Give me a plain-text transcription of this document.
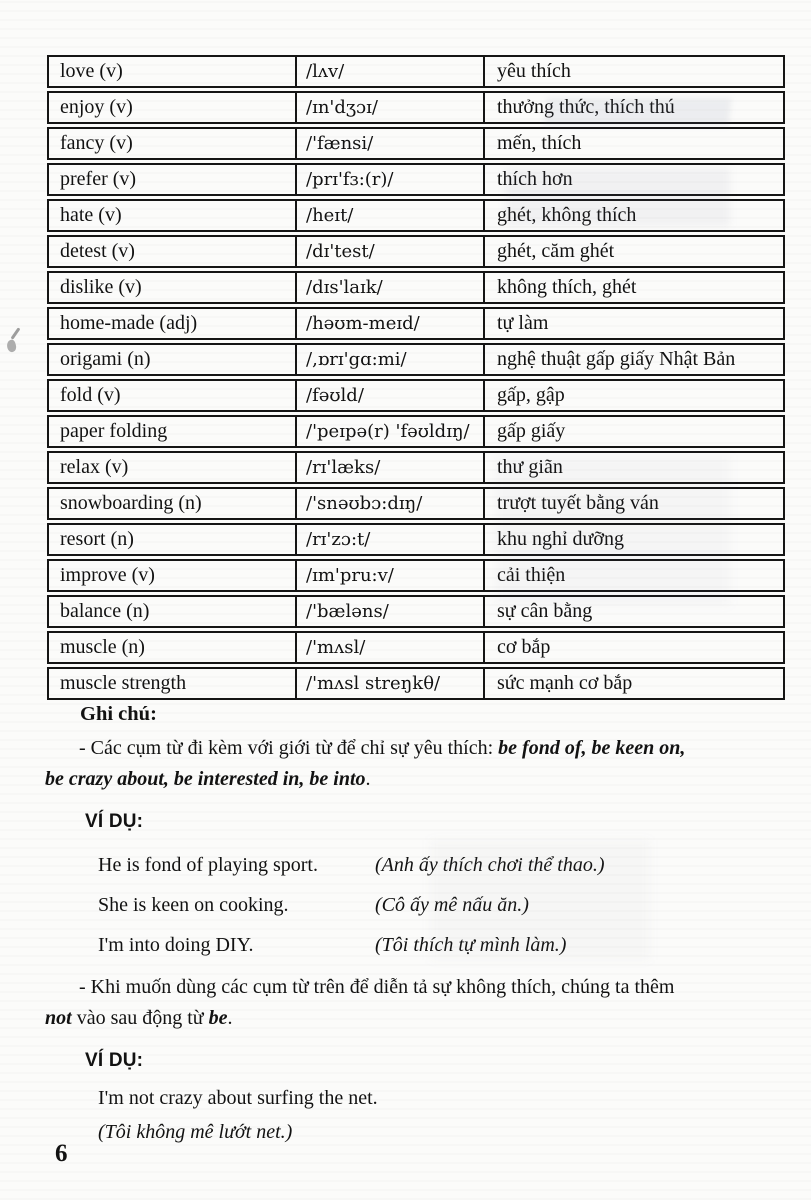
love (v)	/lʌv/	yêu thích
enjoy (v)	/ɪn'dʒɔɪ/	thưởng thức, thích thú
fancy (v)	/'fænsi/	mến, thích
prefer (v)	/prɪ'fɜ:(r)/	thích hơn
hate (v)	/heɪt/	ghét, không thích
detest (v)	/dɪ'test/	ghét, căm ghét
dislike (v)	/dɪs'laɪk/	không thích, ghét
home-made (adj)	/həʊm-meɪd/	tự làm
origami (n)	/,ɒrɪ'gɑ:mi/	nghệ thuật gấp giấy Nhật Bản
fold (v)	/fəʊld/	gấp, gập
paper folding	/'peɪpə(r) 'fəʊldɪŋ/	gấp giấy
relax (v)	/rɪ'læks/	thư giãn
snowboarding (n)	/'snəʊbɔ:dɪŋ/	trượt tuyết bằng ván
resort (n)	/rɪ'zɔ:t/	khu nghỉ dưỡng
improve (v)	/ɪm'pru:v/	cải thiện
balance (n)	/'bæləns/	sự cân bằng
muscle (n)	/'mʌsl/	cơ bắp
muscle strength	/'mʌsl streŋkθ/	sức mạnh cơ bắp
Ghi chú:
- Các cụm từ đi kèm với giới từ để chỉ sự yêu thích: be fond of, be keen on,
be crazy about, be interested in, be into.
VÍ DỤ:
He is fond of playing sport.	(Anh ấy thích chơi thể thao.)
She is keen on cooking.	(Cô ấy mê nấu ăn.)
I'm into doing DIY.	(Tôi thích tự mình làm.)
- Khi muốn dùng các cụm từ trên để diễn tả sự không thích, chúng ta thêm
not vào sau động từ be.
VÍ DỤ:
I'm not crazy about surfing the net.
(Tôi không mê lướt net.)
6
